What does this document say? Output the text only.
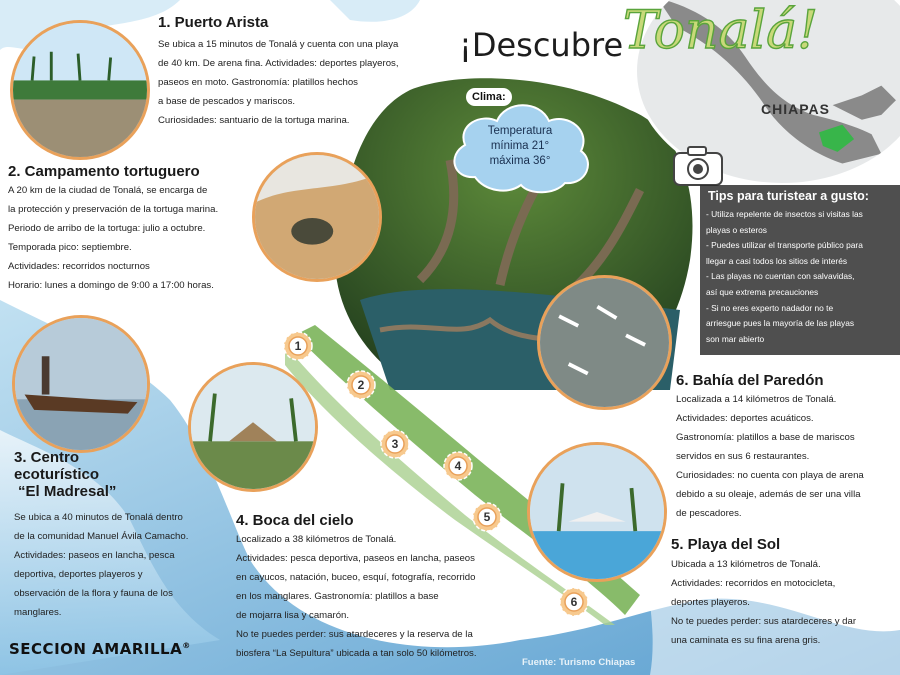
¡Descubre Tonalá!
CHIAPAS
Clima:
Temperatura
mínima 21°
máxima 36°
Tips para turistear a gusto:
- Utiliza repelente de insectos si visitas las
playas o esteros
- Puedes utilizar el transporte público para
llegar a casi todos los sitios de interés
- Las playas no cuentan con salvavidas,
así que extrema precauciones
- Si no eres experto nadador no te
arriesgue pues la mayoría de las playas
son mar abierto
1. Puerto Arista
Se ubica a 15 minutos de Tonalá y cuenta con una playa
de 40 km. De arena fina. Actividades: deportes playeros,
paseos en moto. Gastronomía: platillos hechos
a base de pescados y mariscos.
Curiosidades: santuario de la tortuga marina.
2. Campamento tortuguero
A 20 km de la ciudad de Tonalá, se encarga de
la protección y preservación de la tortuga marina.
Periodo de arribo de la tortuga: julio a octubre.
Temporada pico: septiembre.
Actividades: recorridos nocturnos
Horario: lunes a domingo de 9:00 a 17:00 horas.
3. Centro
ecoturístico
“El Madresal”
Se ubica a 40 minutos de Tonalá dentro
de la comunidad Manuel Ávila Camacho.
Actividades: paseos en lancha, pesca
deportiva, deportes playeros y
observación de la flora y fauna de los
manglares.
4. Boca del cielo
Localizado a 38 kilómetros de Tonalá.
Actividades: pesca deportiva, paseos en lancha, paseos
en cayucos, natación, buceo, esquí, fotografía, recorrido
en los manglares. Gastronomía: platillos a base
de mojarra lisa y camarón.
No te puedes perder: sus atardeceres y la reserva de la
biosfera “La Sepultura” ubicada a tan solo 50 kilómetros.
5. Playa del Sol
Ubicada a 13 kilómetros de Tonalá.
Actividades: recorridos en motocicleta,
deportes playeros.
No te puedes perder: sus atardeceres y dar
una caminata es su fina arena gris.
6. Bahía del Paredón
Localizada a 14 kilómetros de Tonalá.
Actividades: deportes acuáticos.
Gastronomía: platillos a base de mariscos
servidos en sus 6 restaurantes.
Curiosidades: no cuenta con playa de arena
debido a su oleaje, además de ser una villa
de pescadores.
1
2
3
4
5
6
SECCION AMARILLA®
Fuente: Turismo Chiapas
